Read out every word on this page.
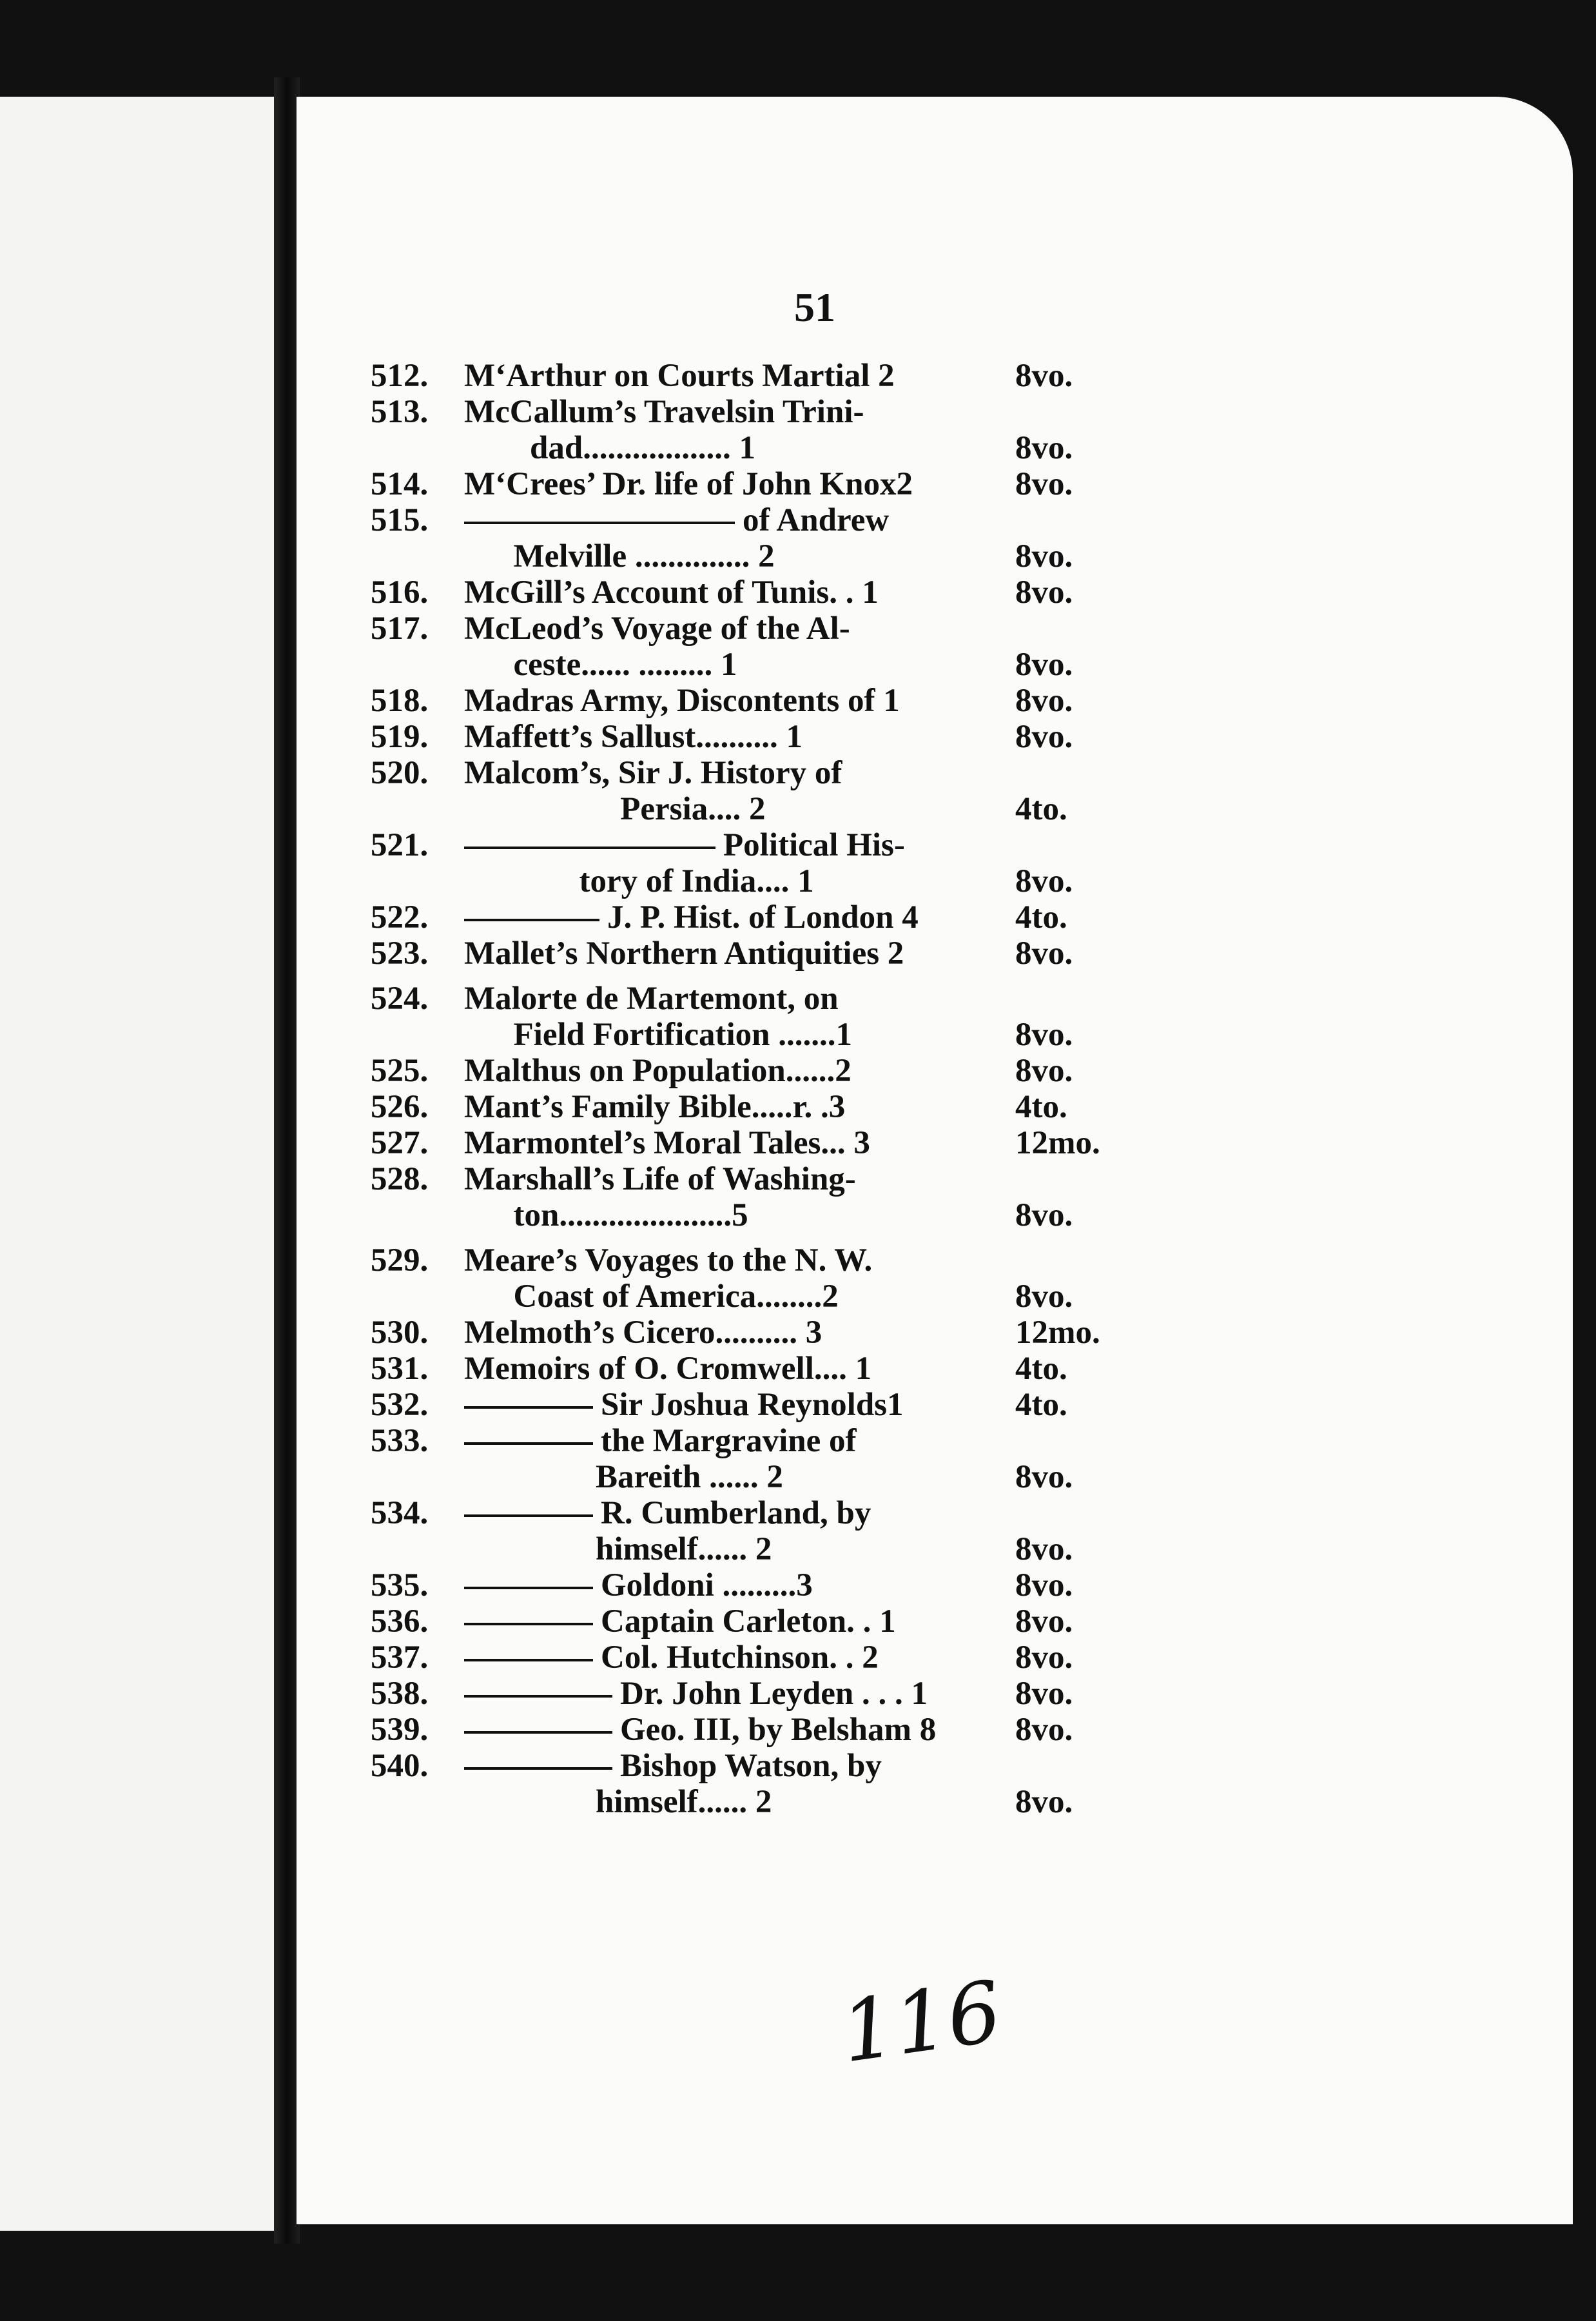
51
512.	M‘Arthur on Courts Martial 2	8vo.
513.	McCallum’s Travelsin Trini-
dad.................. 1	8vo.
514.	M‘Crees’ Dr. life of John Knox2	8vo.
515.	of Andrew
Melville .............. 2	8vo.
516.	McGill’s Account of Tunis. . 1	8vo.
517.	McLeod’s Voyage of the Al-
ceste...... ......... 1	8vo.
518.	Madras Army, Discontents of 1	8vo.
519.	Maffett’s Sallust.......... 1	8vo.
520.	Malcom’s, Sir J. History of
Persia.... 2	4to.
521.	Political His-
tory of India.... 1	8vo.
522.	J. P. Hist. of London 4	4to.
523.	Mallet’s Northern Antiquities 2	8vo.
524.	Malorte de Martemont, on
Field Fortification .......1	8vo.
525.	Malthus on Population......2	8vo.
526.	Mant’s Family Bible.....r. .3	4to.
527.	Marmontel’s Moral Tales... 3	12mo.
528.	Marshall’s Life of Washing-
ton.....................5	8vo.
529.	Meare’s Voyages to the N. W.
Coast of America........2	8vo.
530.	Melmoth’s Cicero.......... 3	12mo.
531.	Memoirs of O. Cromwell.... 1	4to.
532.	Sir Joshua Reynolds1	4to.
533.	the Margravine of
Bareith ...... 2	8vo.
534.	R. Cumberland, by
himself...... 2	8vo.
535.	Goldoni .........3	8vo.
536.	Captain Carleton. . 1	8vo.
537.	Col. Hutchinson. . 2	8vo.
538.	Dr. John Leyden . . . 1	8vo.
539.	Geo. III, by Belsham 8	8vo.
540.	Bishop Watson, by
himself...... 2	8vo.
116
